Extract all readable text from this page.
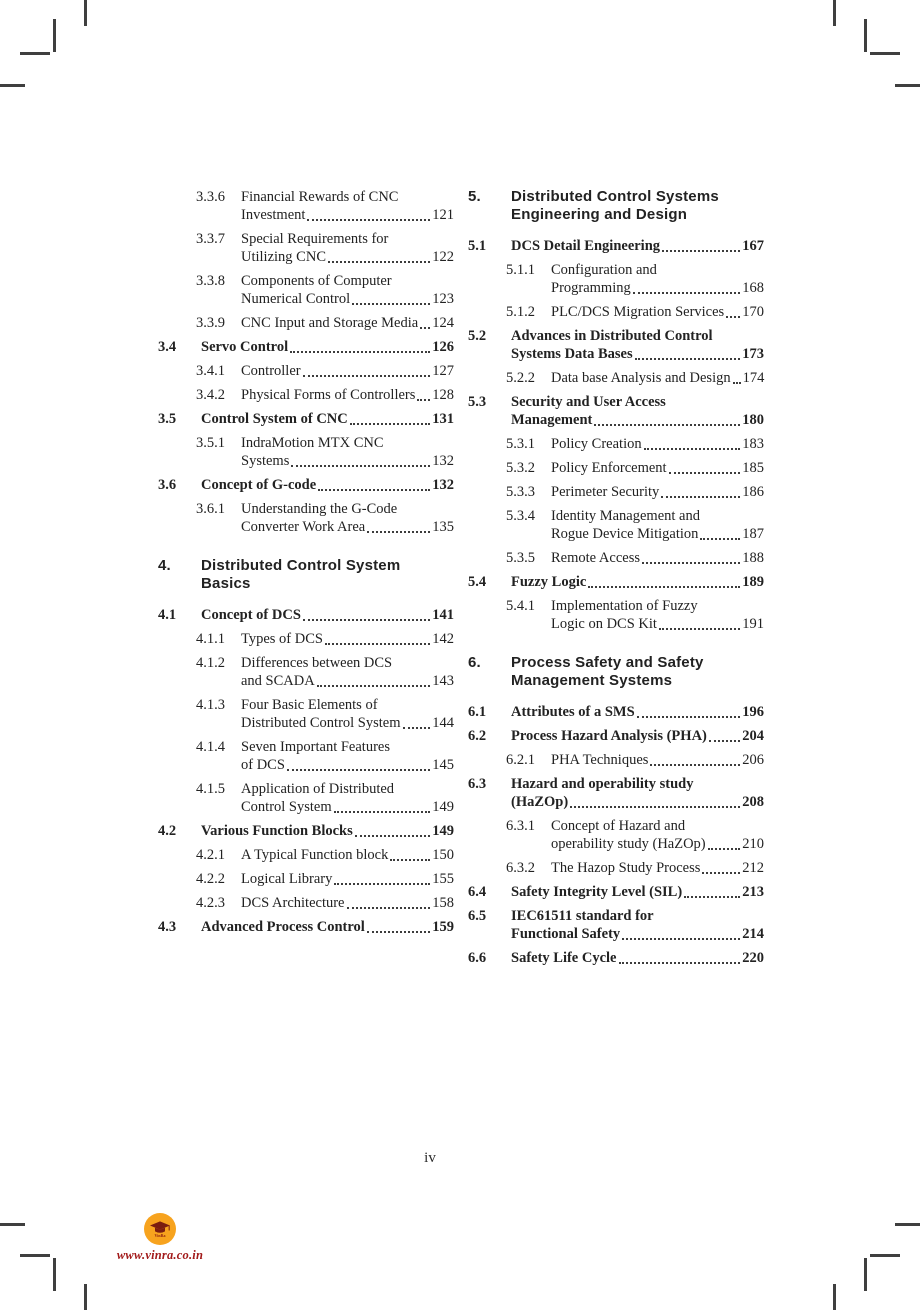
3.3.6	Financial Rewards of CNC
Investment	121
3.3.7	Special Requirements for
Utilizing CNC	122
3.3.8	Components of Computer
Numerical Control	123
3.3.9	CNC Input and Storage Media 124
3.4	Servo Control	126
3.4.1	Controller	127
3.4.2	Physical Forms of Controllers 128
3.5	Control System of CNC	131
3.5.1	IndraMotion MTX CNC
Systems	132
3.6	Concept of G-code	132
3.6.1	Understanding the G-Code
Converter Work Area	135
4.	Distributed Control System Basics
4.1	Concept of DCS	141
4.1.1	Types of DCS	142
4.1.2	Differences between DCS
and SCADA	143
4.1.3	Four Basic Elements of
Distributed Control System 144
4.1.4	Seven Important Features
of DCS	145
4.1.5	Application of Distributed
Control System	149
4.2	Various Function Blocks	149
4.2.1	A Typical Function block	150
4.2.2	Logical Library	155
4.2.3	DCS Architecture	158
4.3	Advanced Process Control	159
5.	Distributed Control Systems
Engineering and Design
5.1	DCS Detail Engineering	167
5.1.1	Configuration and
Programming	168
5.1.2	PLC/DCS Migration Services 170
5.2	Advances in Distributed Control
Systems Data Bases	173
5.2.2	Data base Analysis and Design 174
5.3	Security and User Access
Management	180
5.3.1	Policy Creation	183
5.3.2	Policy Enforcement	185
5.3.3	Perimeter Security	186
5.3.4	Identity Management and
Rogue Device Mitigation	187
5.3.5	Remote Access	188
5.4	Fuzzy Logic	189
5.4.1	Implementation of Fuzzy
Logic on DCS Kit	191
6.	Process Safety and Safety
Management Systems
6.1	Attributes of a SMS	196
6.2	Process Hazard Analysis (PHA) 204
6.2.1	PHA Techniques	206
6.3	Hazard and operability study
(HaZOp)	208
6.3.1	Concept of Hazard and
operability study (HaZOp)	210
6.3.2	The Hazop Study Process	212
6.4	Safety Integrity Level (SIL)	213
6.5	IEC61511 standard for
Functional Safety	214
6.6	Safety Life Cycle	220
iv
VinRa
www.vinra.co.in
